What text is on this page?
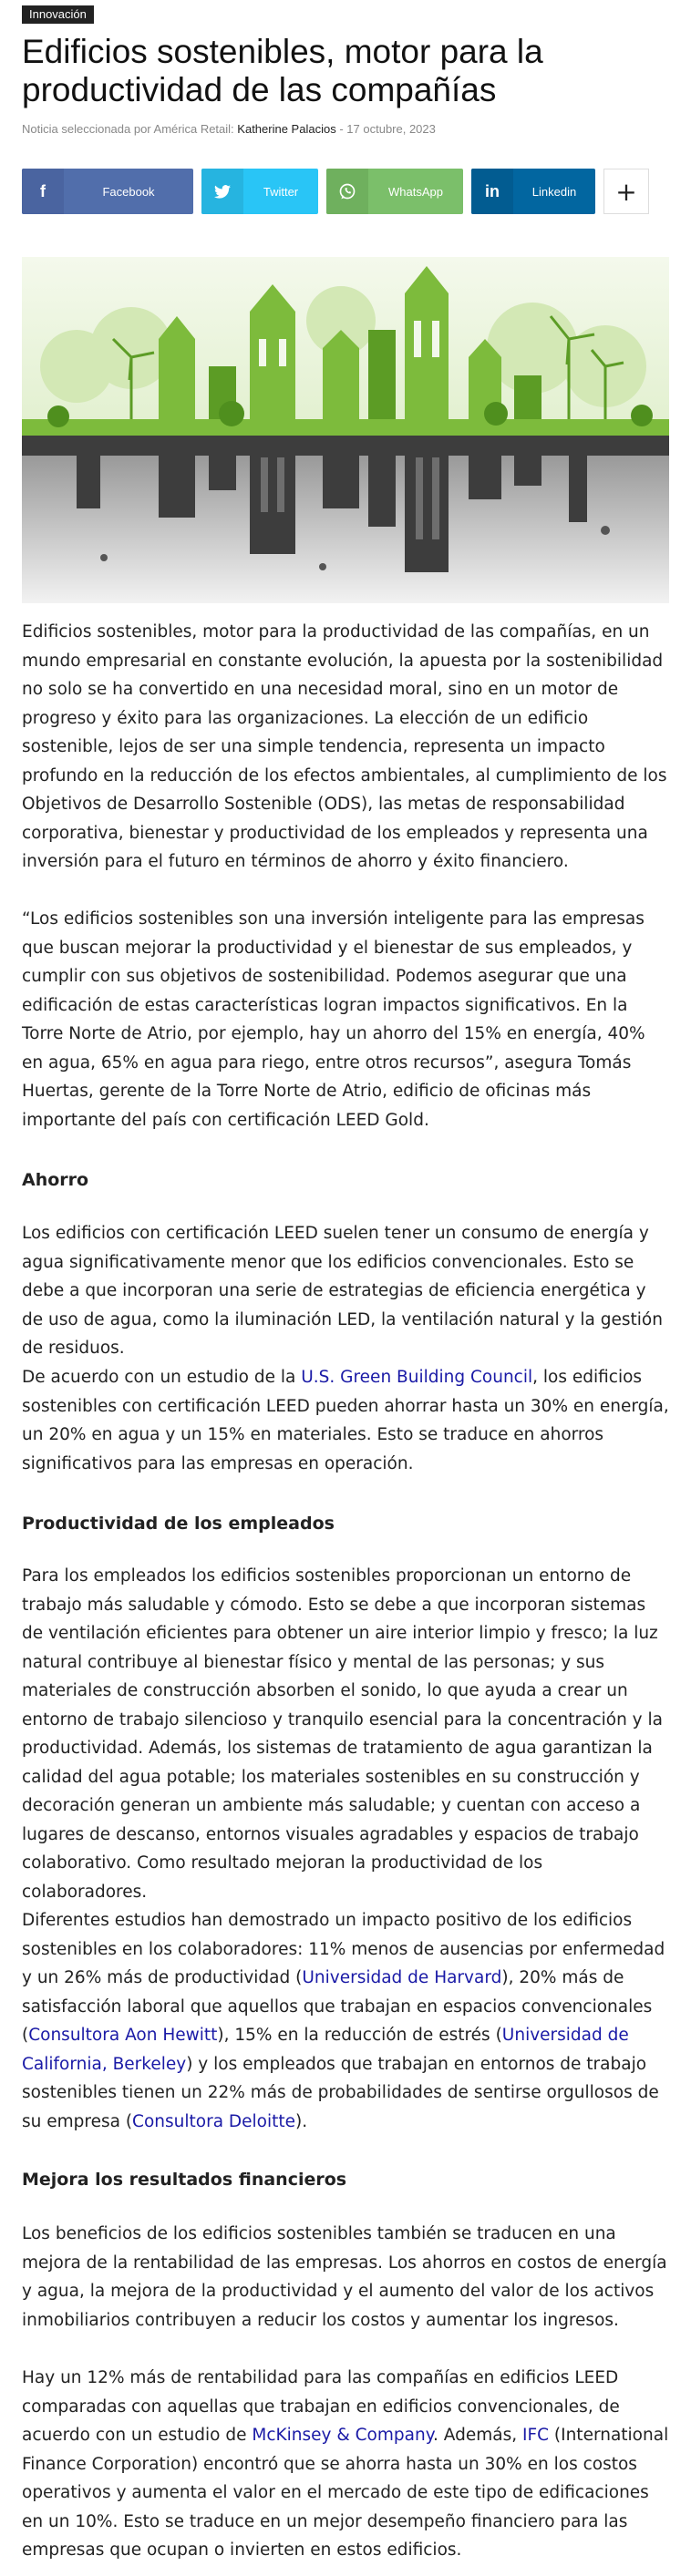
Innovación
Edificios sostenibles, motor para la productividad de las compañías
Noticia seleccionada por América Retail: Katherine Palacios - 17 octubre, 2023
f	Facebook	Twitter	WhatsApp	in	Linkedin	+

Edificios sostenibles, motor para la productividad de las compañías, en un mundo empresarial en constante evolución, la apuesta por la sostenibilidad no solo se ha convertido en una necesidad moral, sino en un motor de progreso y éxito para las organizaciones. La elección de un edificio sostenible, lejos de ser una simple tendencia, representa un impacto profundo en la reducción de los efectos ambientales, al cumplimiento de los Objetivos de Desarrollo Sostenible (ODS), las metas de responsabilidad corporativa, bienestar y productividad de los empleados y representa una inversión para el futuro en términos de ahorro y éxito financiero.

“Los edificios sostenibles son una inversión inteligente para las empresas que buscan mejorar la productividad y el bienestar de sus empleados, y cumplir con sus objetivos de sostenibilidad. Podemos asegurar que una edificación de estas características logran impactos significativos. En la Torre Norte de Atrio, por ejemplo, hay un ahorro del 15% en energía, 40% en agua, 65% en agua para riego, entre otros recursos”, asegura Tomás Huertas, gerente de la Torre Norte de Atrio, edificio de oficinas más importante del país con certificación LEED Gold.

Ahorro

Los edificios con certificación LEED suelen tener un consumo de energía y agua significativamente menor que los edificios convencionales. Esto se debe a que incorporan una serie de estrategias de eficiencia energética y de uso de agua, como la iluminación LED, la ventilación natural y la gestión de residuos.

De acuerdo con un estudio de la U.S. Green Building Council, los edificios sostenibles con certificación LEED pueden ahorrar hasta un 30% en energía, un 20% en agua y un 15% en materiales. Esto se traduce en ahorros significativos para las empresas en operación.

Productividad de los empleados

Para los empleados los edificios sostenibles proporcionan un entorno de trabajo más saludable y cómodo. Esto se debe a que incorporan sistemas de ventilación eficientes para obtener un aire interior limpio y fresco; la luz natural contribuye al bienestar físico y mental de las personas; y sus materiales de construcción absorben el sonido, lo que ayuda a crear un entorno de trabajo silencioso y tranquilo esencial para la concentración y la productividad. Además, los sistemas de tratamiento de agua garantizan la calidad del agua potable; los materiales sostenibles en su construcción y decoración generan un ambiente más saludable; y cuentan con acceso a lugares de descanso, entornos visuales agradables y espacios de trabajo colaborativo. Como resultado mejoran la productividad de los colaboradores.

Diferentes estudios han demostrado un impacto positivo de los edificios sostenibles en los colaboradores: 11% menos de ausencias por enfermedad y un 26% más de productividad (Universidad de Harvard), 20% más de satisfacción laboral que aquellos que trabajan en espacios convencionales (Consultora Aon Hewitt), 15% en la reducción de estrés (Universidad de California, Berkeley) y los empleados que trabajan en entornos de trabajo sostenibles tienen un 22% más de probabilidades de sentirse orgullosos de su empresa (Consultora Deloitte).

Mejora los resultados financieros

Los beneficios de los edificios sostenibles también se traducen en una mejora de la rentabilidad de las empresas. Los ahorros en costos de energía y agua, la mejora de la productividad y el aumento del valor de los activos inmobiliarios contribuyen a reducir los costos y aumentar los ingresos.

Hay un 12% más de rentabilidad para las compañías en edificios LEED comparadas con aquellas que trabajan en edificios convencionales, de acuerdo con un estudio de McKinsey & Company. Además, IFC (International Finance Corporation) encontró que se ahorra hasta un 30% en los costos operativos y aumenta el valor en el mercado de este tipo de edificaciones en un 10%. Esto se traduce en un mejor desempeño financiero para las empresas que ocupan o invierten en estos edificios.
